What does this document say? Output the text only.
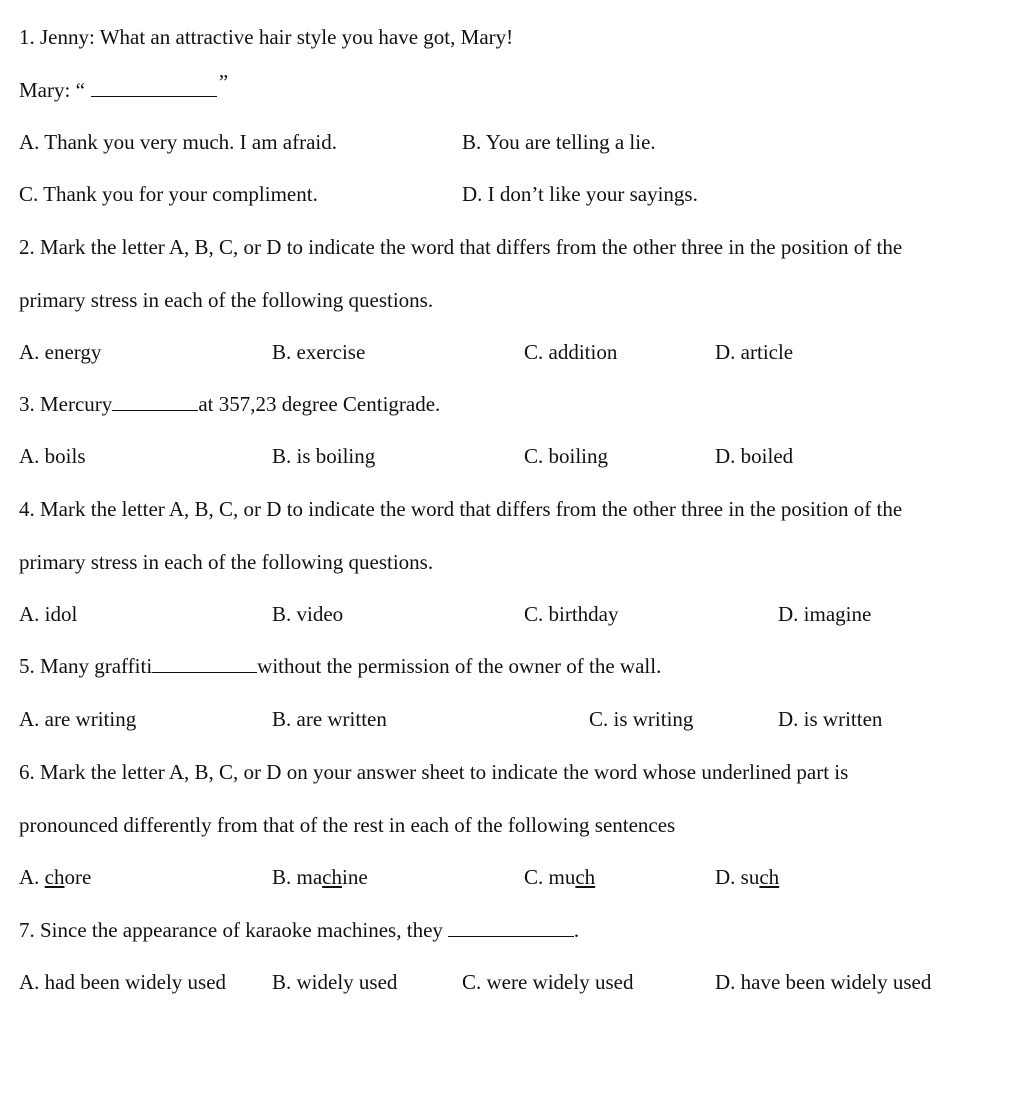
1. Jenny: What an attractive hair style you have got, Mary!
Mary: “	”
A. Thank you very much. I am afraid.	B. You are telling a lie.
C. Thank you for your compliment.	D. I don’t like your sayings.
2. Mark the letter A, B, C, or D to indicate the word that differs from the other three in the position of the
primary stress in each of the following questions.
A. energy	B. exercise	C. addition	D. article
3. Mercury	at 357,23 degree Centigrade.
A. boils	B. is boiling	C. boiling	D. boiled
4. Mark the letter A, B, C, or D to indicate the word that differs from the other three in the position of the
primary stress in each of the following questions.
A. idol	B. video	C. birthday	D. imagine
5. Many graffiti	without the permission of the owner of the wall.
A. are writing	B. are written	C. is writing	D. is written
6. Mark the letter A, B, C, or D on your answer sheet to indicate the word whose underlined part is
pronounced differently from that of the rest in each of the following sentences
A. chore	B. machine	C. much	D. such
7. Since the appearance of karaoke machines, they	.
A. had been widely used B. widely used	C. were widely used	D. have been widely used
